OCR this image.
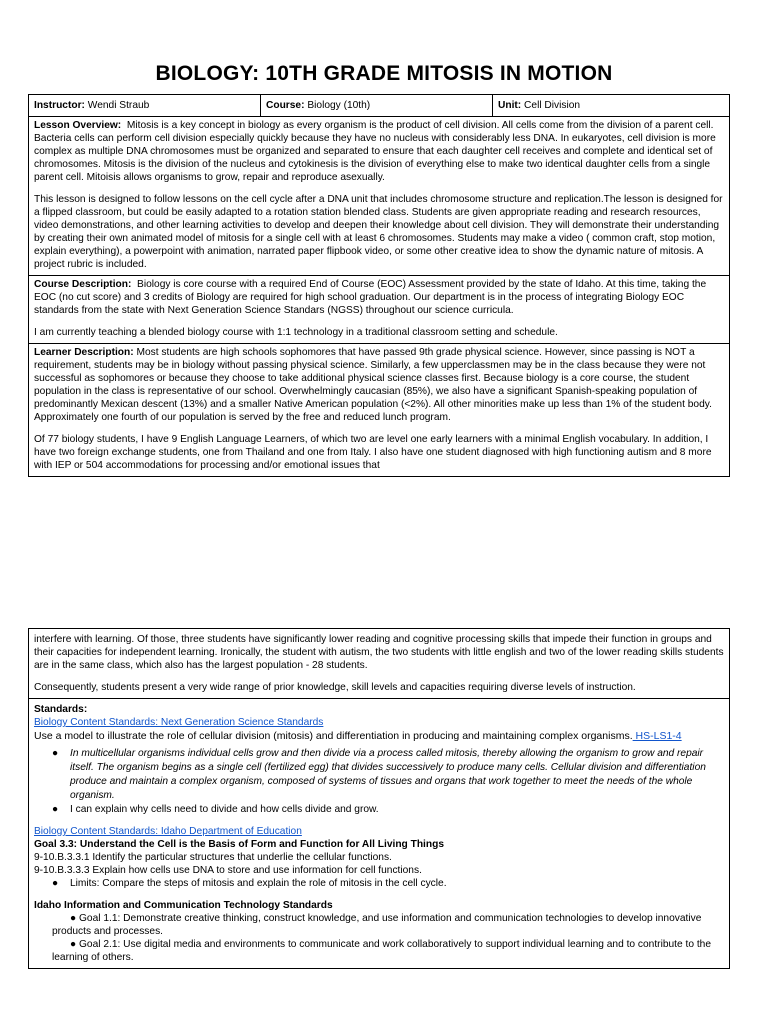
BIOLOGY: 10TH GRADE MITOSIS IN MOTION
Instructor: Wendi Straub	Course: Biology (10th)	Unit: Cell Division

Lesson Overview: Mitosis is a key concept in biology as every organism is the product of cell division. All cells come from the division of a parent cell. Bacteria cells can perform cell division especially quickly because they have no nucleus with considerably less DNA. In eukaryotes, cell division is more complex as multiple DNA chromosomes must be organized and separated to ensure that each daughter cell receives and complete and identical set of chromosomes. Mitosis is the division of the nucleus and cytokinesis is the division of everything else to make two identical daughter cells from a single parent cell. Mitoisis allows organisms to grow, repair and reproduce asexually.

This lesson is designed to follow lessons on the cell cycle after a DNA unit that includes chromosome structure and replication.The lesson is designed for a flipped classroom, but could be easily adapted to a rotation station blended class. Students are given appropriate reading and research resources, video demonstrations, and other learning activities to develop and deepen their knowledge about cell division. They will demonstrate their understanding by creating their own animated model of mitosis for a single cell with at least 6 chromosomes. Students may make a video ( common craft, stop motion, explain everything), a powerpoint with animation, narrated paper flipbook video, or some other creative idea to show the dynamic nature of mitosis. A project rubric is included.

Course Description: Biology is core course with a required End of Course (EOC) Assessment provided by the state of Idaho. At this time, taking the EOC (no cut score) and 3 credits of Biology are required for high school graduation. Our department is in the process of integrating Biology EOC standards from the state with Next Generation Science Standars (NGSS) throughout our science curricula.

I am currently teaching a blended biology course with 1:1 technology in a traditional classroom setting and schedule.

Learner Description: Most students are high schools sophomores that have passed 9th grade physical science. However, since passing is NOT a requirement, students may be in biology without passing physical science. Similarly, a few upperclassmen may be in the class because they were not successful as sophomores or because they choose to take additional physical science classes first. Because biology is a core course, the student population in the class is representative of our school. Overwhelmingly caucasian (85%), we also have a significant Spanish-speaking population of predominantly Mexican descent (13%) and a smaller Native American population (<2%). All other minorities make up less than 1% of the student body. Approximately one fourth of our population is served by the free and reduced lunch program.

Of 77 biology students, I have 9 English Language Learners, of which two are level one early learners with a minimal English vocabulary. In addition, I have two foreign exchange students, one from Thailand and one from Italy. I also have one student diagnosed with high functioning autism and 8 more with IEP or 504 accommodations for processing and/or emotional issues that

interfere with learning. Of those, three students have significantly lower reading and cognitive processing skills that impede their function in groups and their capacities for independent learning. Ironically, the student with autism, the two students with little english and two of the lower reading skills students are in the same class, which also has the largest population - 28 students.

Consequently, students present a very wide range of prior knowledge, skill levels and capacities requiring diverse levels of instruction.

Standards:

Biology Content Standards: Next Generation Science Standards

Use a model to illustrate the role of cellular division (mitosis) and differentiation in producing and maintaining complex organisms. HS-LS1-4

● In multicellular organisms individual cells grow and then divide via a process called mitosis, thereby allowing the organism to grow and repair itself. The organism begins as a single cell (fertilized egg) that divides successively to produce many cells. Cellular division and differentiation produce and maintain a complex organism, composed of systems of tissues and organs that work together to meet the needs of the whole organism.

● I can explain why cells need to divide and how cells divide and grow.

Biology Content Standards: Idaho Department of Education

Goal 3.3: Understand the Cell is the Basis of Form and Function for All Living Things

9-10.B.3.3.1 Identify the particular structures that underlie the cellular functions.

9-10.B.3.3.3 Explain how cells use DNA to store and use information for cell functions.

● Limits: Compare the steps of mitosis and explain the role of mitosis in the cell cycle.

Idaho Information and Communication Technology Standards

● Goal 1.1: Demonstrate creative thinking, construct knowledge, and use information and communication technologies to develop innovative products and processes.

● Goal 2.1: Use digital media and environments to communicate and work collaboratively to support individual learning and to contribute to the learning of others.
